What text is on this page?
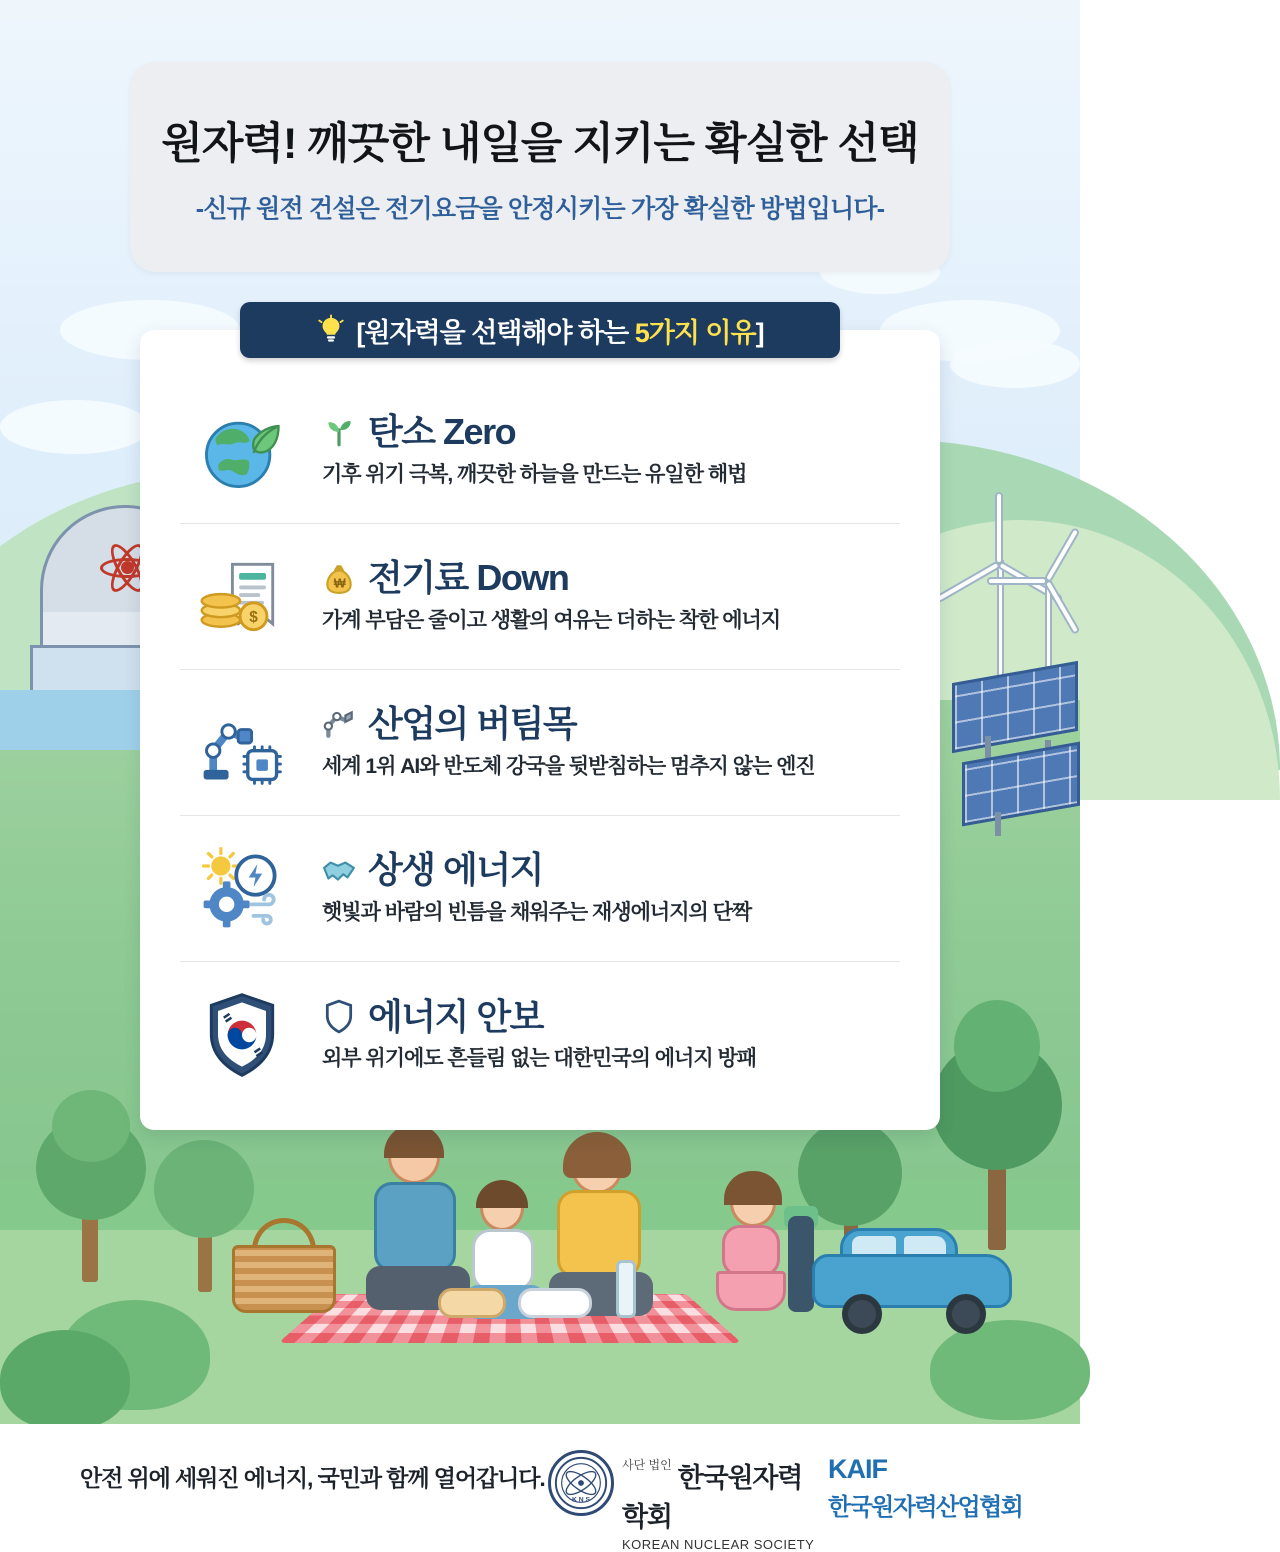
원자력! 깨끗한 내일을 지키는 확실한 선택
-신규 원전 건설은 전기요금을 안정시키는 가장 확실한 방법입니다-
[원자력을 선택해야 하는 5가지 이유]
탄소 Zero
기후 위기 극복, 깨끗한 하늘을 만드는 유일한 해법
$
₩ 전기료 Down
가계 부담은 줄이고 생활의 여유는 더하는 착한 에너지
산업의 버팀목
세계 1위 AI와 반도체 강국을 뒷받침하는 멈추지 않는 엔진
상생 에너지
햇빛과 바람의 빈틈을 채워주는 재생에너지의 단짝
에너지 안보
외부 위기에도 흔들림 없는 대한민국의 에너지 방패
안전 위에 세워진 에너지, 국민과 함께 열어갑니다.
K N S
사단 법인 한국원자력학회
KOREAN NUCLEAR SOCIETY
KAIF
한국원자력산업협회
